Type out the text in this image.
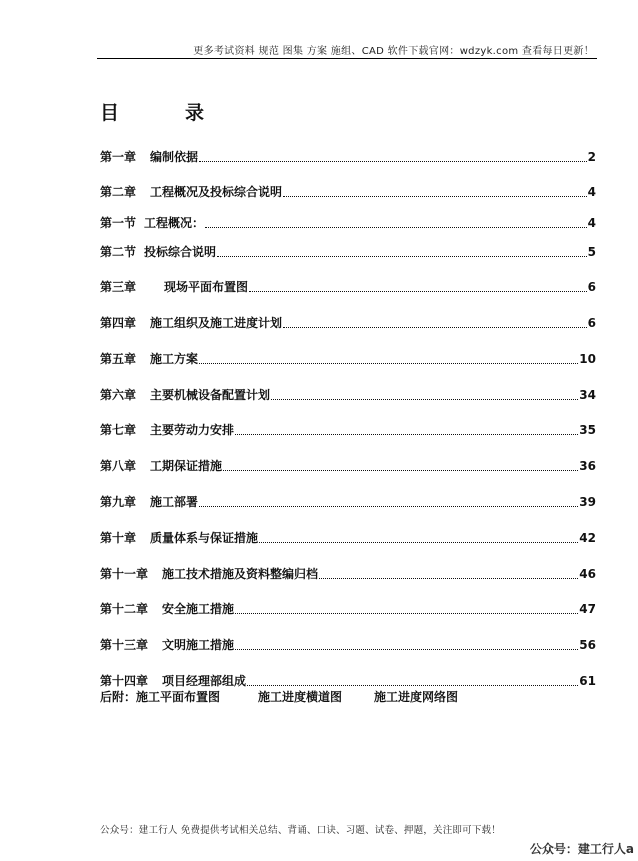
更多考试资料 规范 图集 方案 施组、CAD 软件下载官网：wdzyk.com 查看每日更新！
目	录
第一章 编制依据	2
第二章 工程概况及投标综合说明	4
第一节 工程概况：	4
第二节 投标综合说明	5
第三章 现场平面布置图	6
第四章 施工组织及施工进度计划	6
第五章 施工方案	10
第六章 主要机械设备配置计划	34
第七章 主要劳动力安排	35
第八章 工期保证措施	36
第九章 施工部署	39
第十章 质量体系与保证措施	42
第十一章 施工技术措施及资料整编归档	46
第十二章 安全施工措施	47
第十三章 文明施工措施	56
第十四章 项目经理部组成	61
后附：施工平面布置图	施工进度横道图	施工进度网络图
公众号：建工行人 免费提供考试相关总结、背诵、口诀、习题、试卷、押题，关注即可下载！
公众号：建工行人a
